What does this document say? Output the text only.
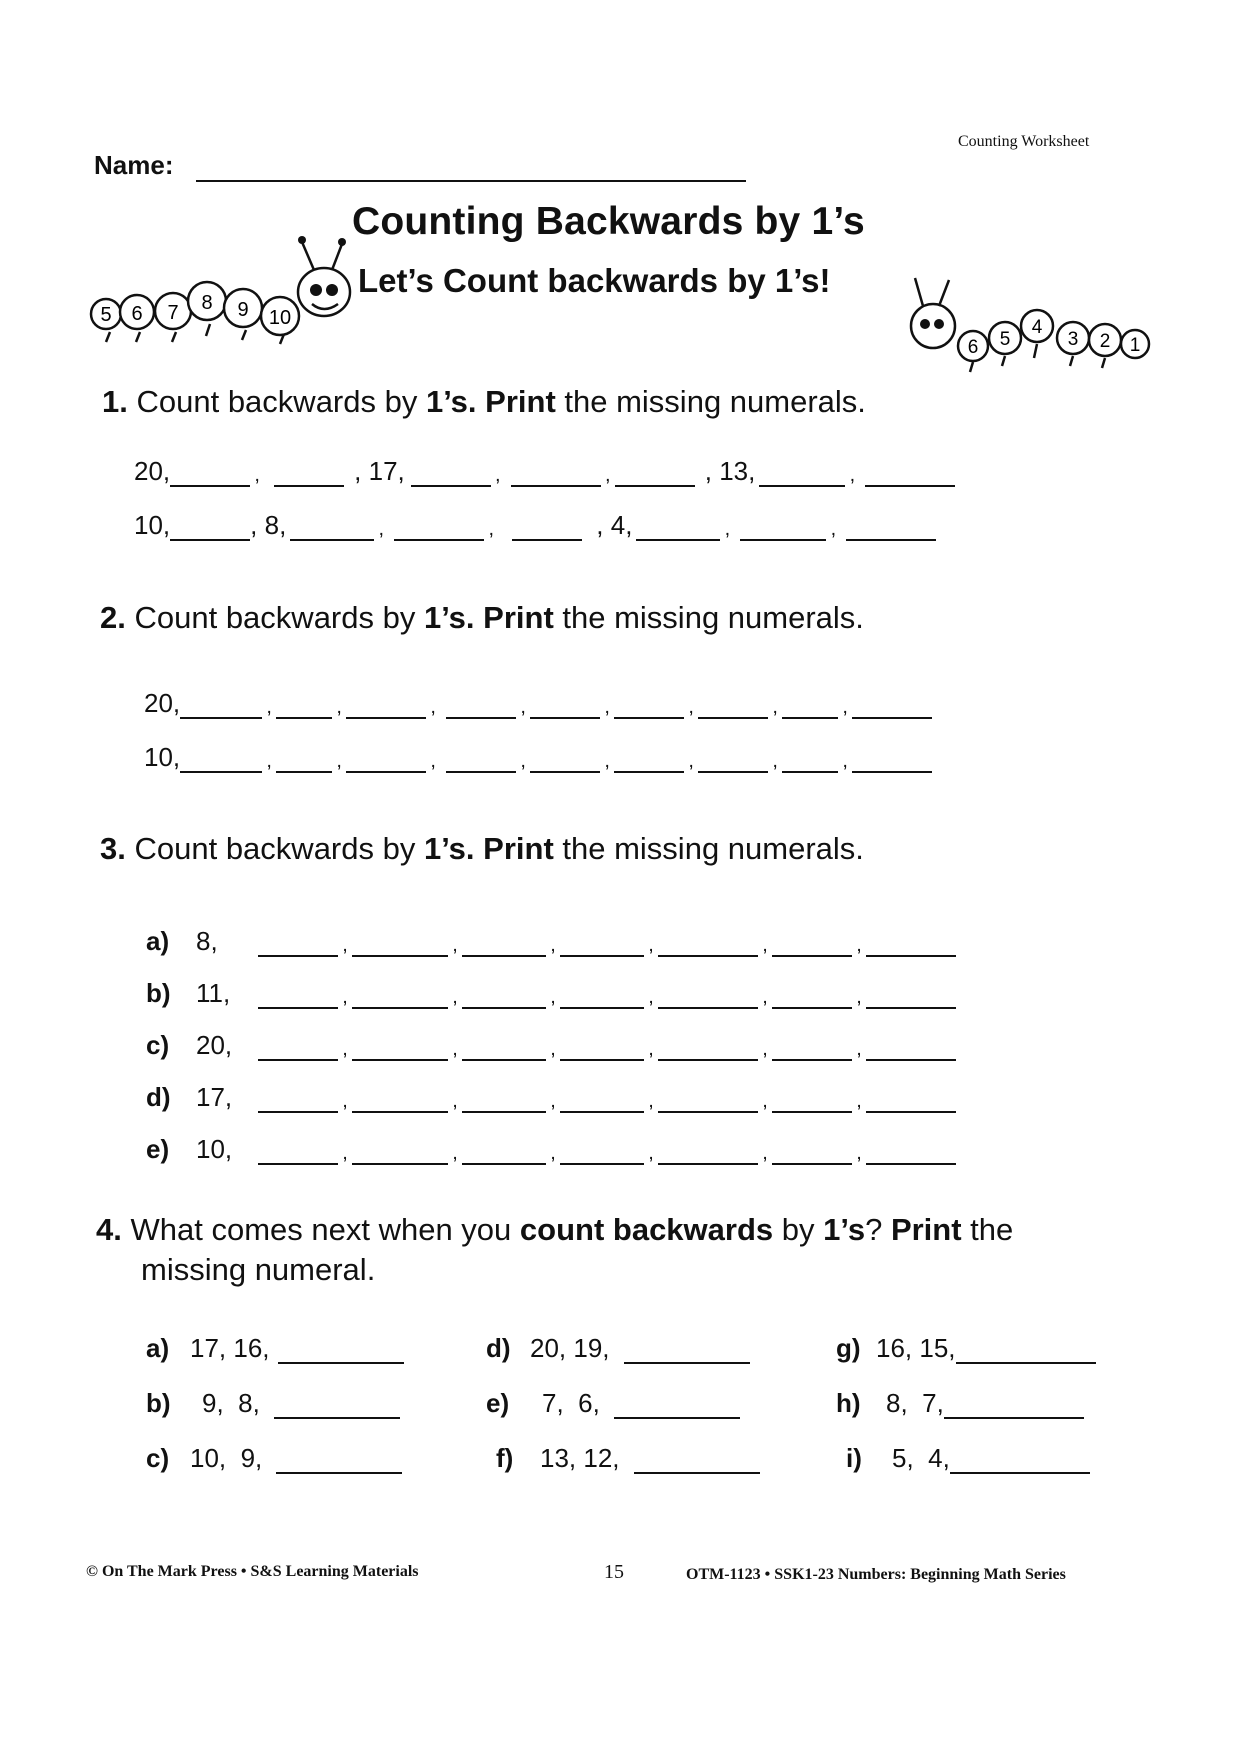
Counting Worksheet
Name:
Counting Backwards by 1’s
Let’s Count backwards by 1’s!
5 6 7 8 9 10
6 5
4
3 2 1
1. Count backwards by 1’s. Print the missing numerals.
20,	,	, 17,	,	,	, 13,	,
10,	, 8,	,	,	, 4,	,	,
2. Count backwards by 1’s. Print the missing numerals.
20,	,	,	,	,	,	,	,	,
10,	,	,	,	,	,	,	,	,
3. Count backwards by 1’s. Print the missing numerals.
a)	8,	,	,	,	,	,	,
b) 11,	,	,	,	,	,	,
c)	20,	,	,	,	,	,	,
d) 17,	,	,	,	,	,	,
e)	10,	,	,	,	,	,	,
4. What comes next when you count backwards by 1’s? Print the
missing numeral.
a) 17, 16,	d) 20, 19,	g) 16, 15,
b)	9,  8,	e)	7,  6,	h) 8,  7,
c) 10,  9,	f)	13, 12,	i)	5,  4,
© On The Mark Press • S&S Learning Materials	15	OTM-1123 • SSK1-23 Numbers: Beginning Math Series
